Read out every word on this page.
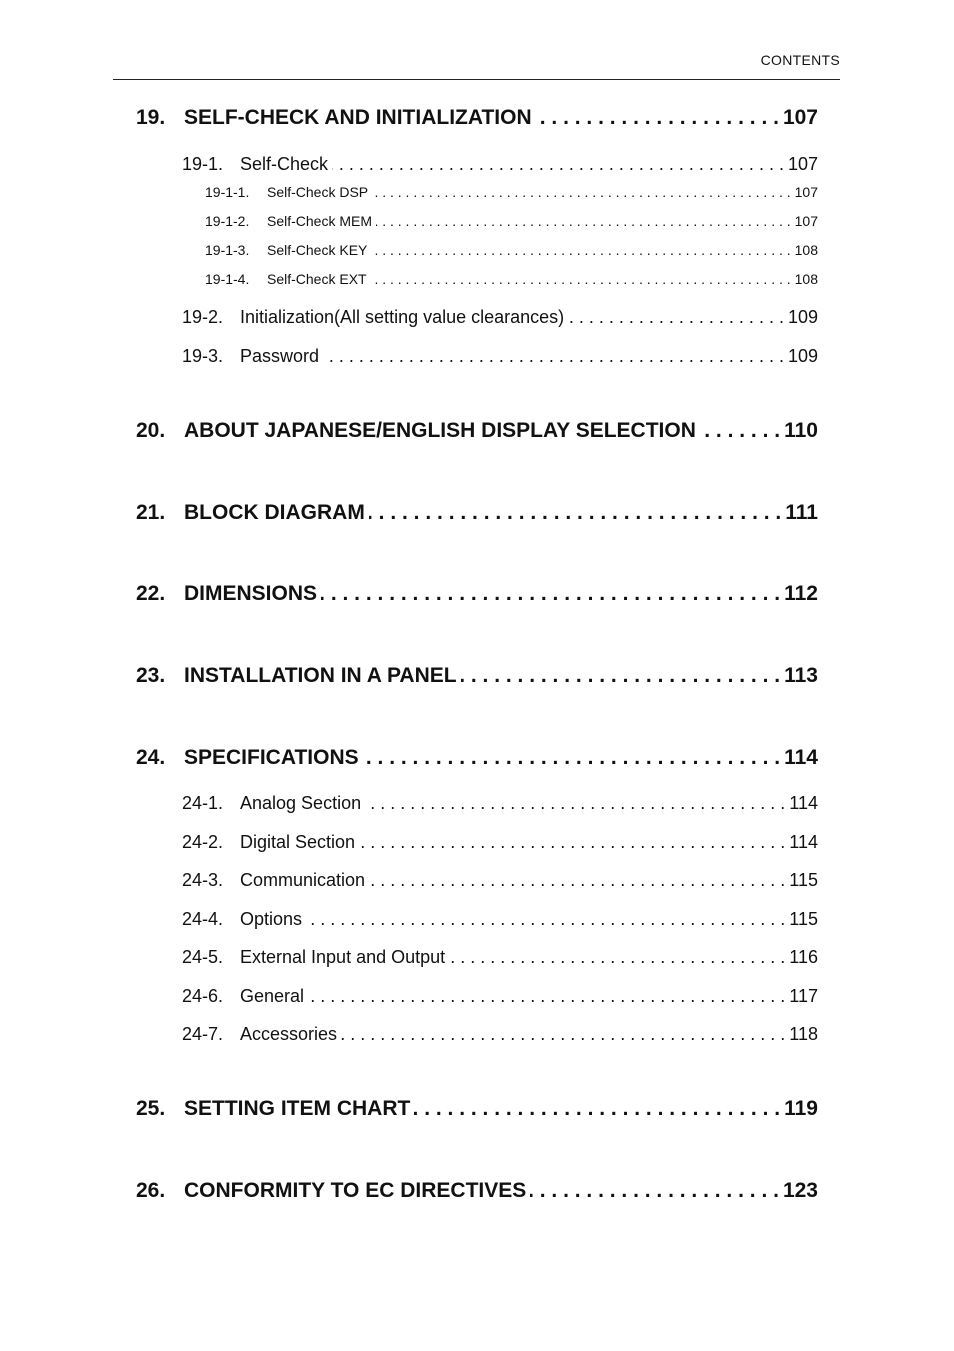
CONTENTS
19. SELF-CHECK AND INITIALIZATION . . .	107
19-1. Self-Check . . .	107
19-1-1.	Self-Check DSP . . .	107
19-1-2.	Self-Check MEM . . .	107
19-1-3.	Self-Check KEY . . .	108
19-1-4.	Self-Check EXT . . .	108
19-2. Initialization(All setting value clearances) . . .	109
19-3. Password . . .	109
20. ABOUT JAPANESE/ENGLISH DISPLAY SELECTION . . .	110
21. BLOCK DIAGRAM . . .	111
22. DIMENSIONS . . .	112
23. INSTALLATION IN A PANEL . . .	113
24. SPECIFICATIONS . . .	114
24-1. Analog Section . . .	114
24-2. Digital Section . . .	114
24-3. Communication . . .	115
24-4. Options . . .	115
24-5. External Input and Output . . .	116
24-6. General . . .	117
24-7. Accessories . . .	118
25. SETTING ITEM CHART . . .	119
26. CONFORMITY TO EC DIRECTIVES . . .	123
